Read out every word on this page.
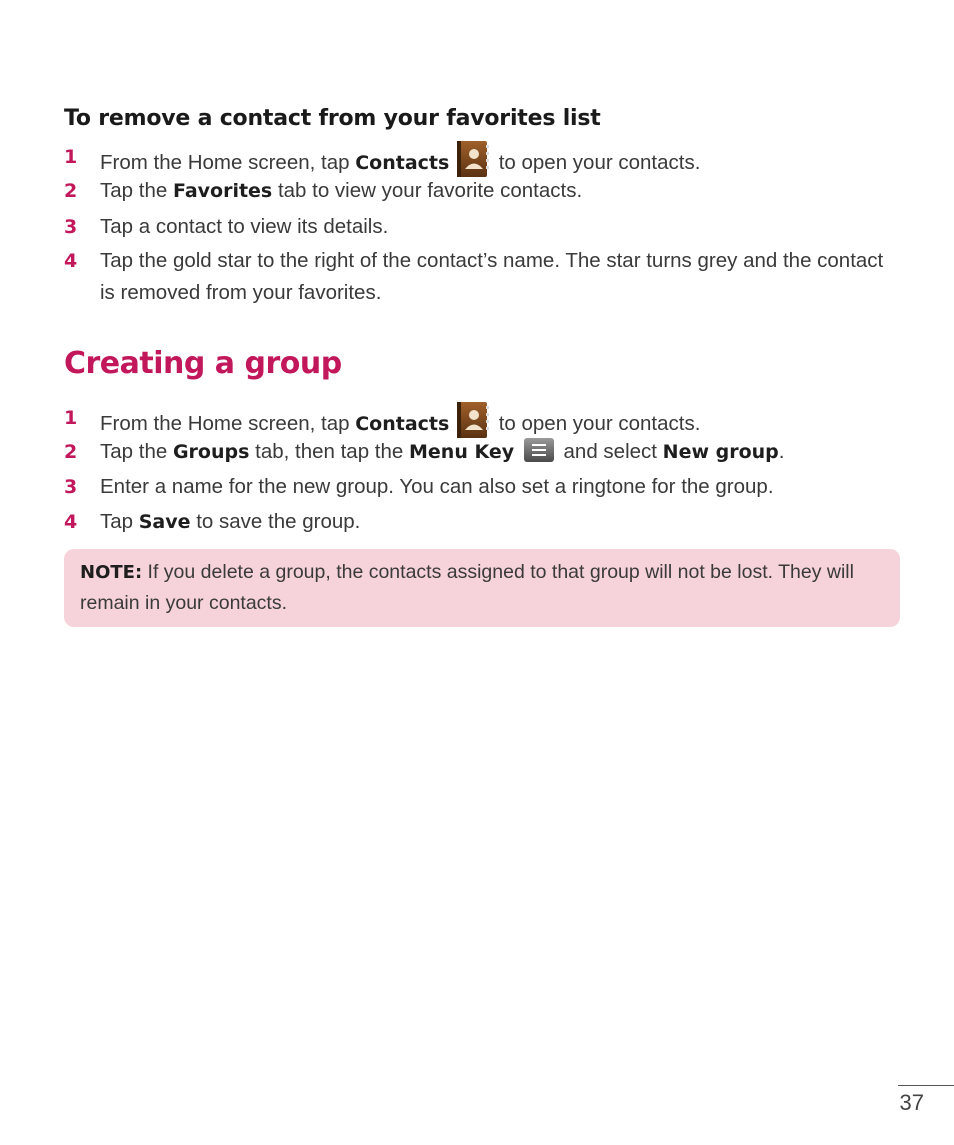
To remove a contact from your favorites list
1	From the Home screen, tap Contacts  to open your contacts.
2	Tap the Favorites tab to view your favorite contacts.
3	Tap a contact to view its details.
4	Tap the gold star to the right of the contact’s name. The star turns grey and the contact is removed from your favorites.
Creating a group
1	From the Home screen, tap Contacts  to open your contacts.
2	Tap the Groups tab, then tap the Menu Key  and select New group.
3	Enter a name for the new group. You can also set a ringtone for the group.
4	Tap Save to save the group.
NOTE: If you delete a group, the contacts assigned to that group will not be lost. They will remain in your contacts.
37
